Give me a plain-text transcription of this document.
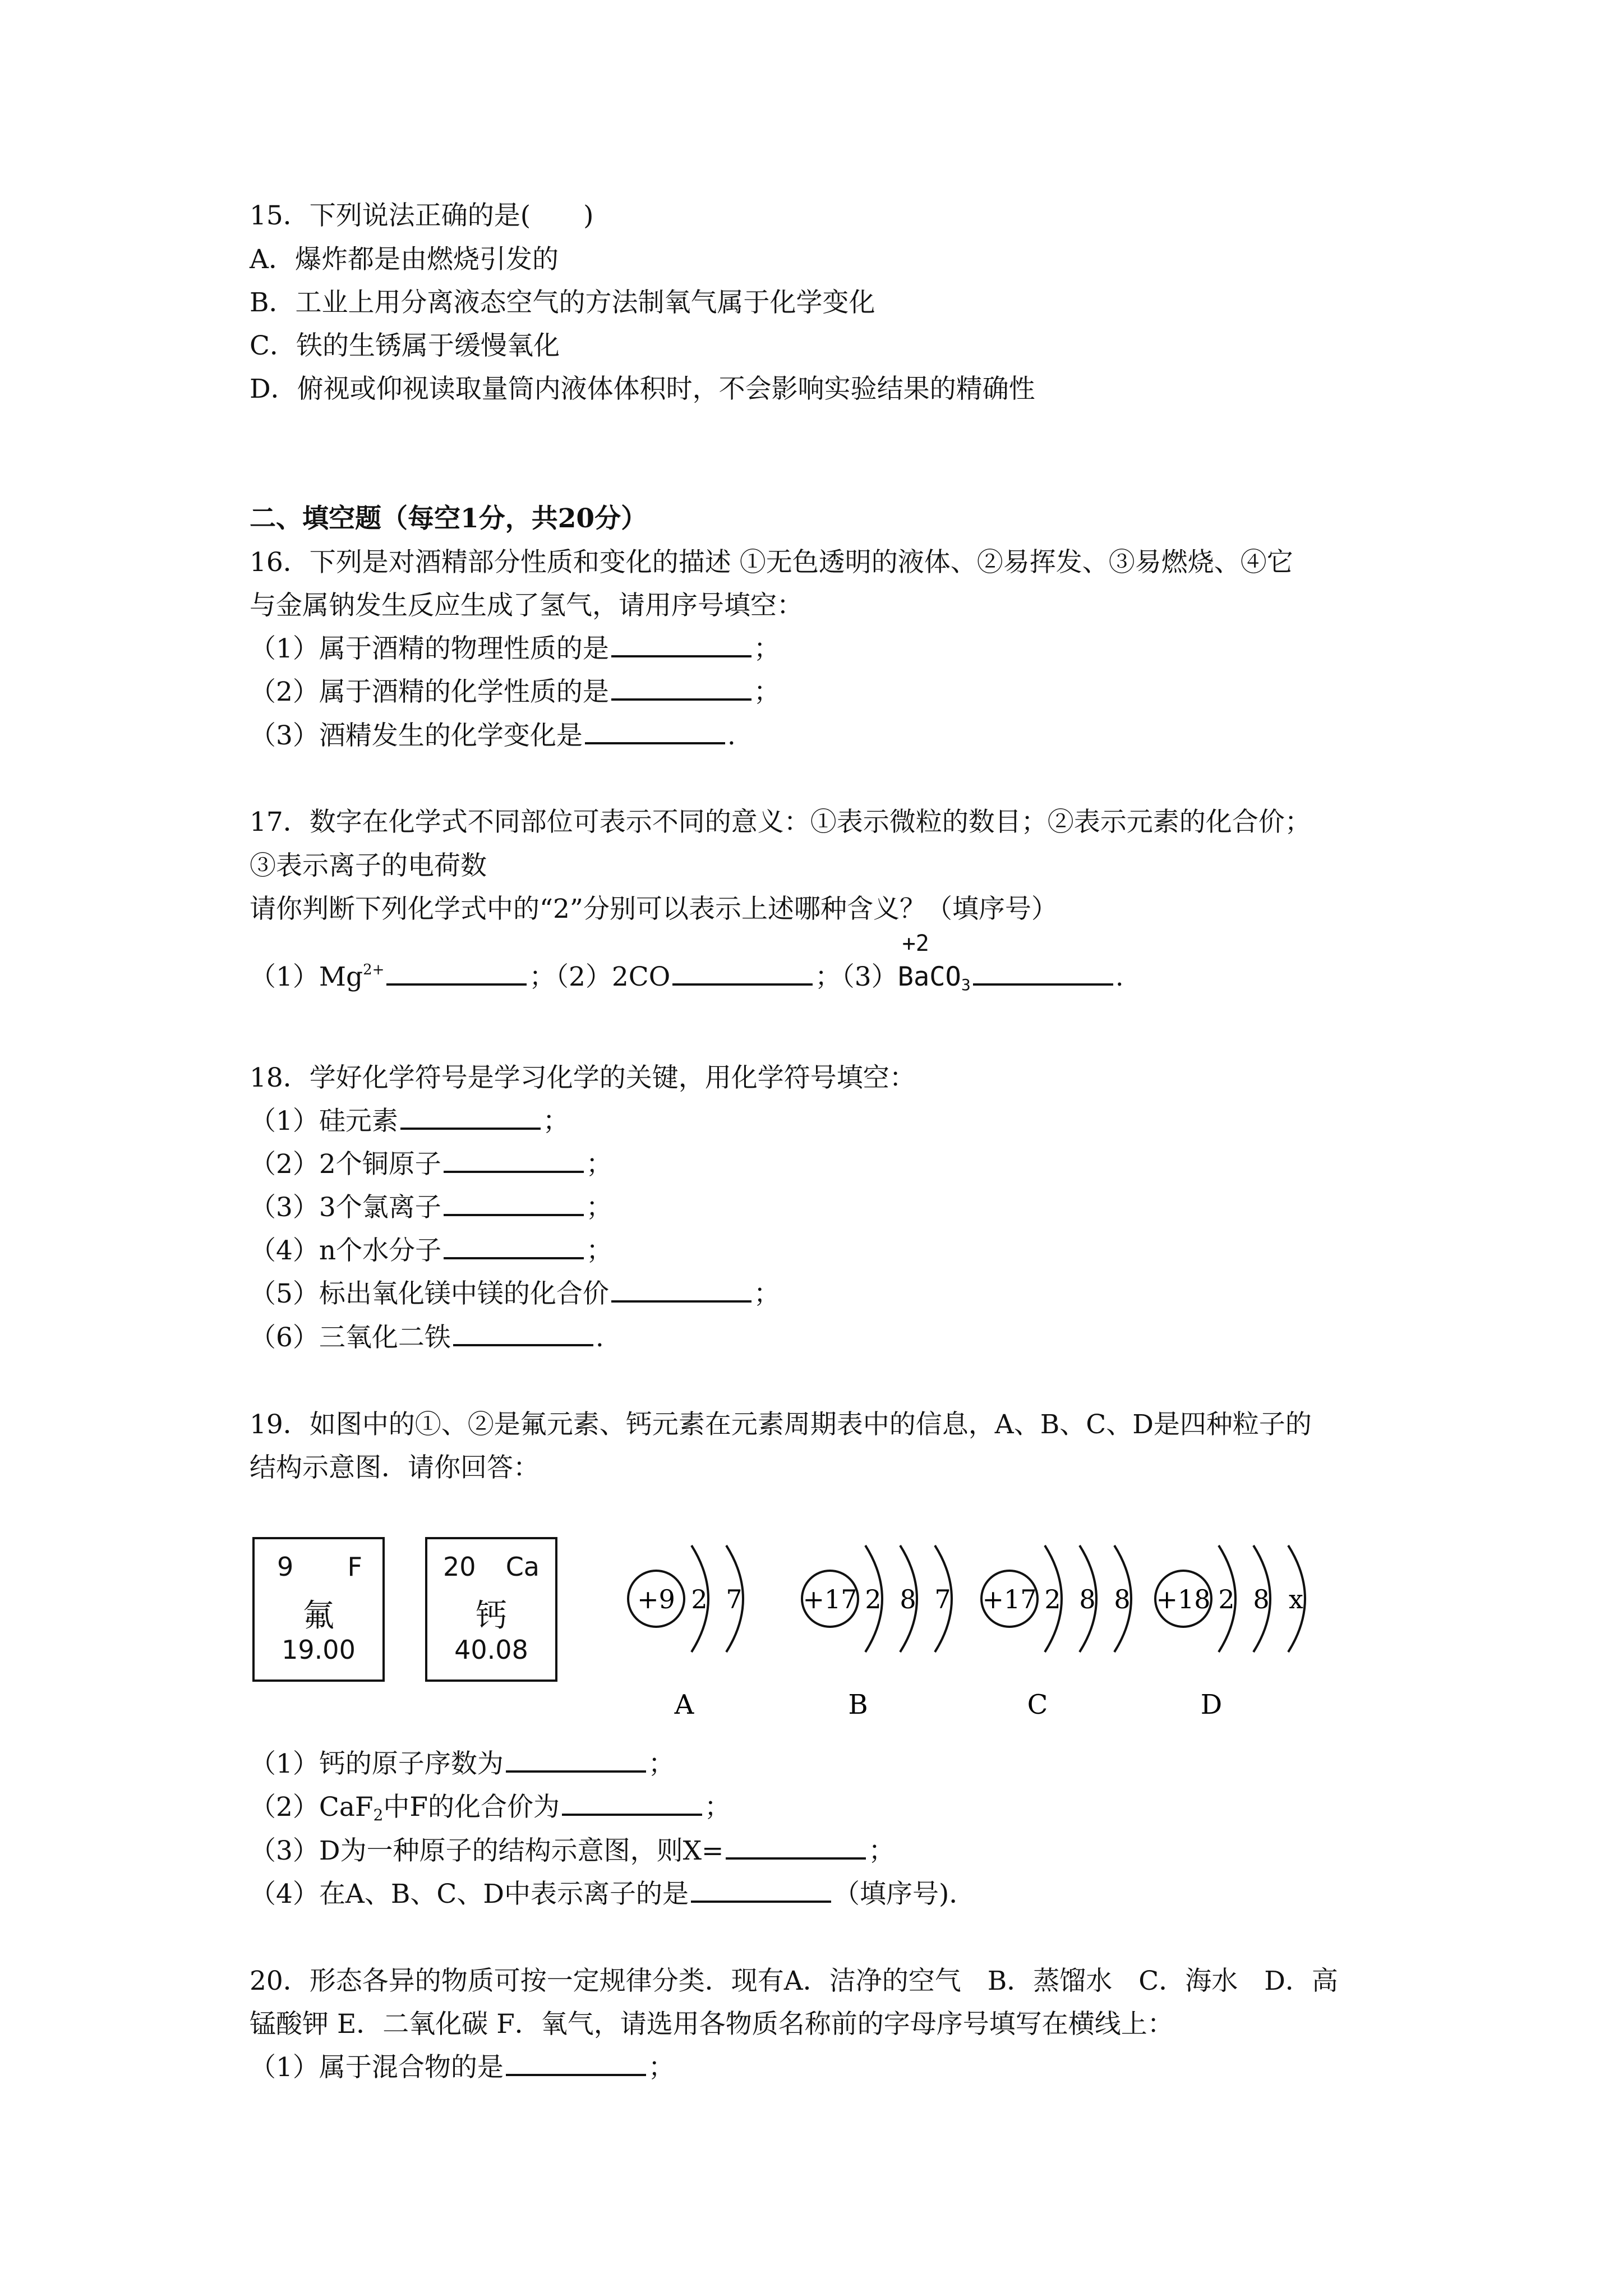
15．下列说法正确的是(　　)
A．爆炸都是由燃烧引发的
B．工业上用分离液态空气的方法制氧气属于化学变化
C．铁的生锈属于缓慢氧化
D．俯视或仰视读取量筒内液体体积时，不会影响实验结果的精确性
二、填空题（每空1分，共20分）
16．下列是对酒精部分性质和变化的描述 ①无色透明的液体、②易挥发、③易燃烧、④它
与金属钠发生反应生成了氢气，请用序号填空：
（1）属于酒精的物理性质的是	；
（2）属于酒精的化学性质的是	；
（3）酒精发生的化学变化是	.
17．数字在化学式不同部位可表示不同的意义：①表示微粒的数目；②表示元素的化合价；
③表示离子的电荷数
请你判断下列化学式中的“2”分别可以表示上述哪种含义？（填序号）
$(1)Mg^{2+}$	；（2）2CO	；（3）
+2
BaCO$_3$	.
18．学好化学符号是学习化学的关键，用化学符号填空：
（1）硅元素	；
（2）2个铜原子	；
（3）3个氯离子	；
（4）n个水分子	；
（5）标出氧化镁中镁的化合价	；
（6）三氧化二铁	.
19．如图中的①、②是氟元素、钙元素在元素周期表中的信息，A、B、C、D是四种粒子的
结构示意图．请你回答：
9 F
氟
19.00
20 Ca
钙
40.08
+9 2 7
A
+17 2 8 7
B
+17 2 8 8
C
+18 2 8 x
D
（1）钙的原子序数为	；
（2）CaF$_2$中F的化合价为	；
（3）D为一种原子的结构示意图，则X=	；
（4）在A、B、C、D中表示离子的是	（填序号)．
20．形态各异的物质可按一定规律分类．现有A．洁净的空气　B．蒸馏水　C．海水　D．高
锰酸钾 E．二氧化碳 F．氧气，请选用各物质名称前的字母序号填写在横线上：
（1）属于混合物的是	；
